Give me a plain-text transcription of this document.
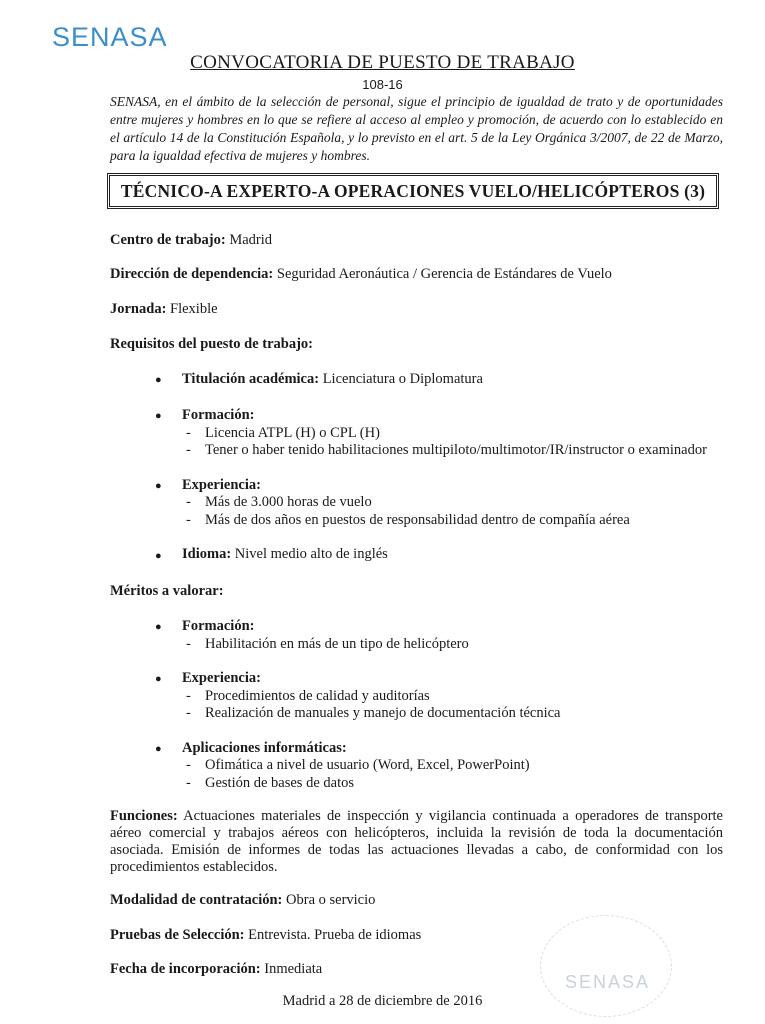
SENASA
CONVOCATORIA DE PUESTO DE TRABAJO
108-16
SENASA, en el ámbito de la selección de personal, sigue el principio de igualdad de trato y de oportunidades entre mujeres y hombres en lo que se refiere al acceso al empleo y promoción, de acuerdo con lo establecido en el artículo 14 de la Constitución Española, y lo previsto en el art. 5 de la Ley Orgánica 3/2007, de 22 de Marzo, para la igualdad efectiva de mujeres y hombres.
TÉCNICO-A EXPERTO-A OPERACIONES VUELO/HELICÓPTEROS (3)
Centro de trabajo: Madrid
Dirección de dependencia: Seguridad Aeronáutica / Gerencia de Estándares de Vuelo
Jornada: Flexible
Requisitos del puesto de trabajo:
● Titulación académica: Licenciatura o Diplomatura
● Formación:
- Licencia ATPL (H) o CPL (H)
- Tener o haber tenido habilitaciones multipiloto/multimotor/IR/instructor o examinador
● Experiencia:
- Más de 3.000 horas de vuelo
- Más de dos años en puestos de responsabilidad dentro de compañía aérea
● Idioma: Nivel medio alto de inglés
Méritos a valorar:
● Formación:
- Habilitación en más de un tipo de helicóptero
● Experiencia:
- Procedimientos de calidad y auditorías
- Realización de manuales y manejo de documentación técnica
● Aplicaciones informáticas:
- Ofimática a nivel de usuario (Word, Excel, PowerPoint)
- Gestión de bases de datos
Funciones: Actuaciones materiales de inspección y vigilancia continuada a operadores de transporte aéreo comercial y trabajos aéreos con helicópteros, incluida la revisión de toda la documentación asociada. Emisión de informes de todas las actuaciones llevadas a cabo, de conformidad con los procedimientos establecidos.
Modalidad de contratación: Obra o servicio
Pruebas de Selección: Entrevista. Prueba de idiomas
Fecha de incorporación: Inmediata
SENASA
Madrid a 28 de diciembre de 2016
